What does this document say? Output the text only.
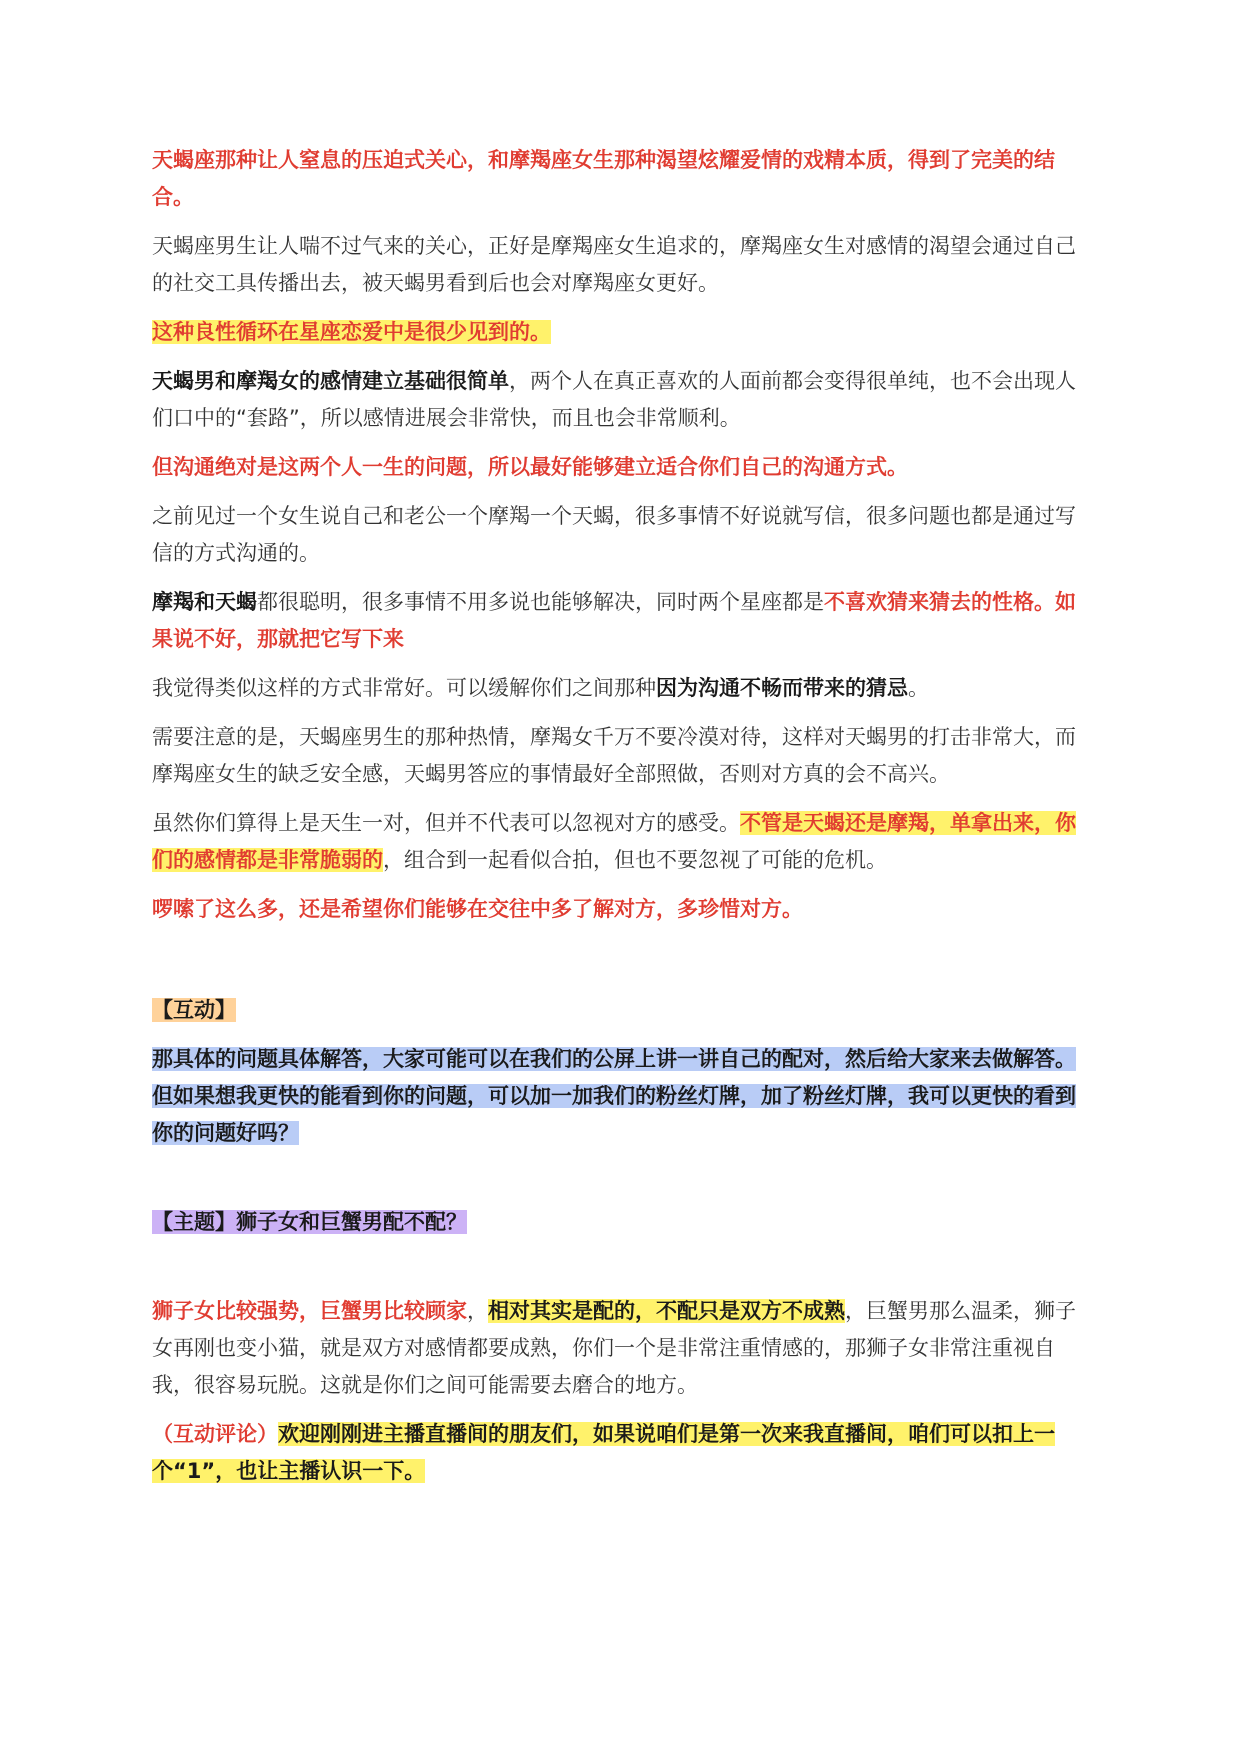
天蝎座那种让人窒息的压迫式关心，和摩羯座女生那种渴望炫耀爱情的戏精本质，得到了完美的结合。

天蝎座男生让人喘不过气来的关心，正好是摩羯座女生追求的，摩羯座女生对感情的渴望会通过自己的社交工具传播出去，被天蝎男看到后也会对摩羯座女更好。

这种良性循环在星座恋爱中是很少见到的。

天蝎男和摩羯女的感情建立基础很简单，两个人在真正喜欢的人面前都会变得很单纯，也不会出现人们口中的“套路”，所以感情进展会非常快，而且也会非常顺利。

但沟通绝对是这两个人一生的问题，所以最好能够建立适合你们自己的沟通方式。

之前见过一个女生说自己和老公一个摩羯一个天蝎，很多事情不好说就写信，很多问题也都是通过写信的方式沟通的。

摩羯和天蝎都很聪明，很多事情不用多说也能够解决，同时两个星座都是不喜欢猜来猜去的性格。如果说不好，那就把它写下来

我觉得类似这样的方式非常好。可以缓解你们之间那种因为沟通不畅而带来的猜忌。

需要注意的是，天蝎座男生的那种热情，摩羯女千万不要冷漠对待，这样对天蝎男的打击非常大，而摩羯座女生的缺乏安全感，天蝎男答应的事情最好全部照做，否则对方真的会不高兴。

虽然你们算得上是天生一对，但并不代表可以忽视对方的感受。不管是天蝎还是摩羯，单拿出来，你们的感情都是非常脆弱的，组合到一起看似合拍，但也不要忽视了可能的危机。

啰嗦了这么多，还是希望你们能够在交往中多了解对方，多珍惜对方。

【互动】

那具体的问题具体解答，大家可能可以在我们的公屏上讲一讲自己的配对，然后给大家来去做解答。但如果想我更快的能看到你的问题，可以加一加我们的粉丝灯牌，加了粉丝灯牌，我可以更快的看到你的问题好吗？

【主题】狮子女和巨蟹男配不配？

狮子女比较强势，巨蟹男比较顾家，相对其实是配的，不配只是双方不成熟，巨蟹男那么温柔，狮子女再刚也变小猫，就是双方对感情都要成熟，你们一个是非常注重情感的，那狮子女非常注重视自我，很容易玩脱。这就是你们之间可能需要去磨合的地方。

（互动评论）欢迎刚刚进主播直播间的朋友们，如果说咱们是第一次来我直播间，咱们可以扣上一个“1”，也让主播认识一下。
